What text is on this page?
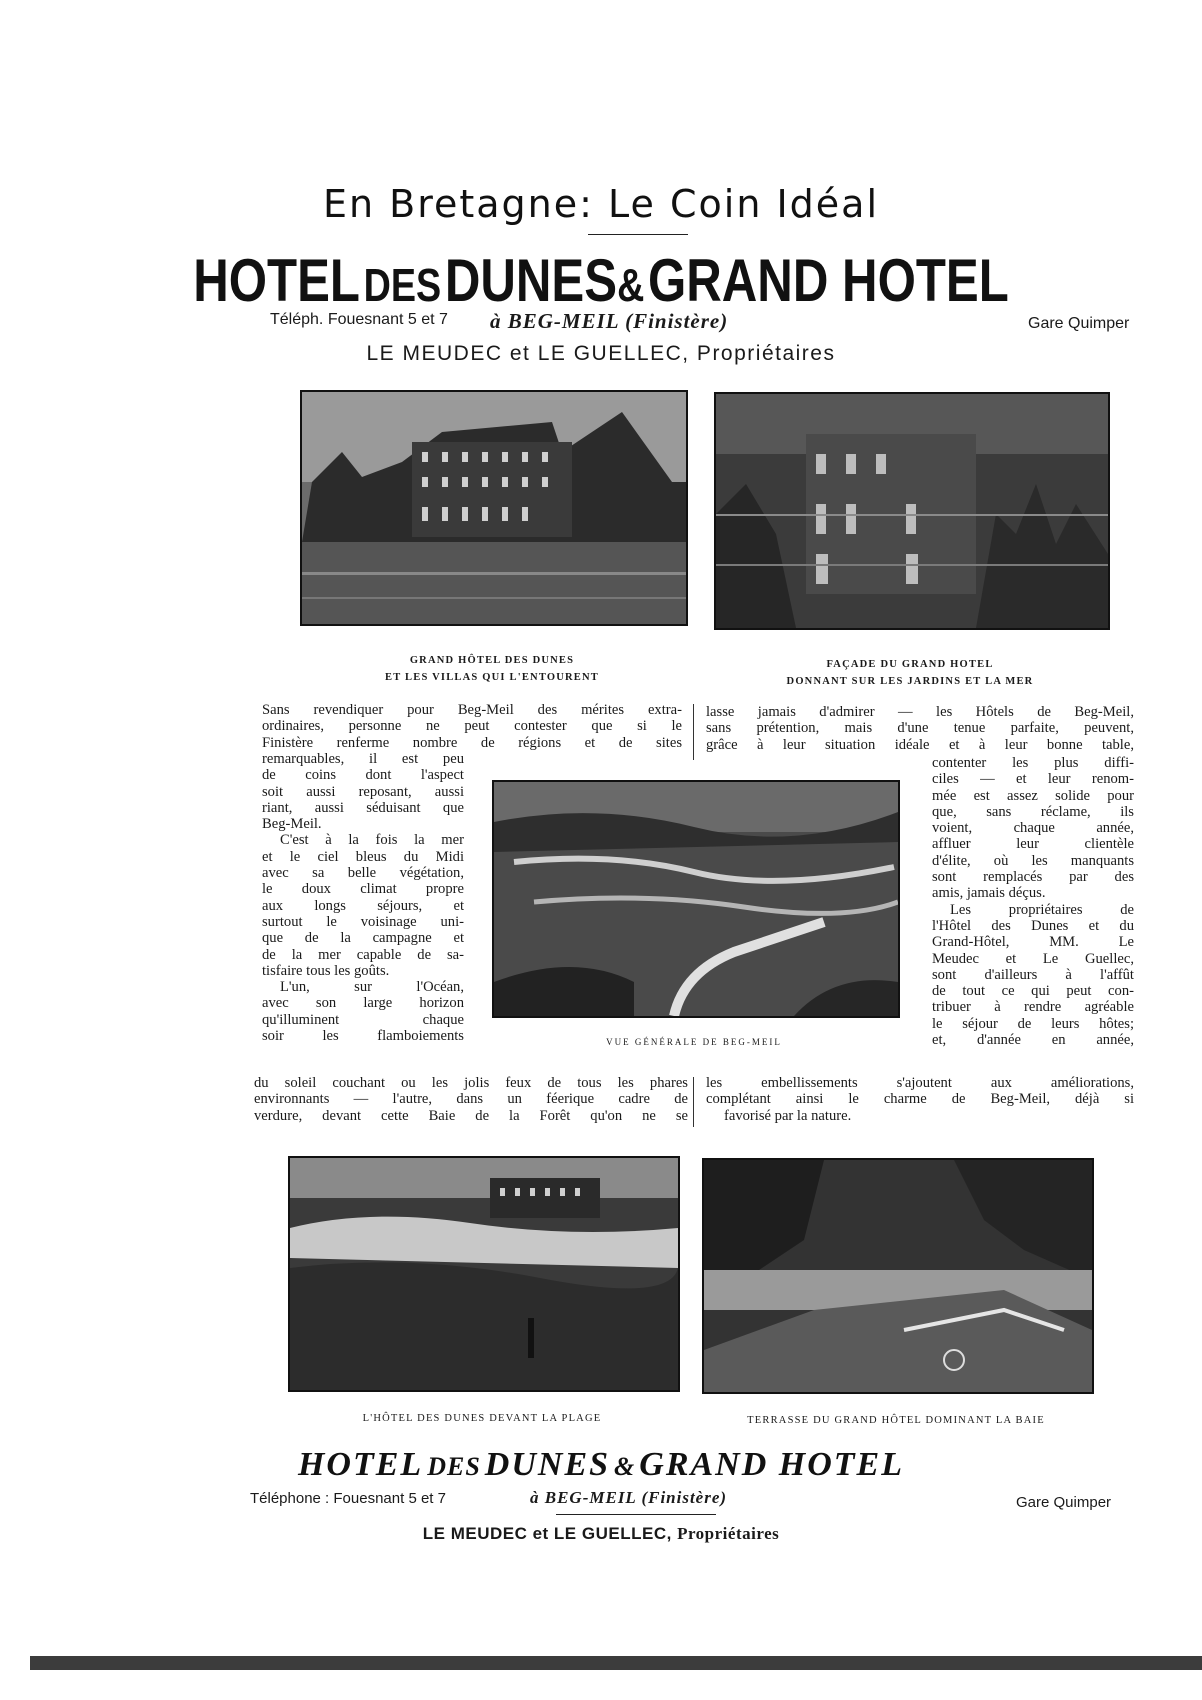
En Bretagne: Le Coin Idéal
HOTEL DES DUNES& GRAND HOTEL
Téléph. Fouesnant 5 et 7 à BEG-MEIL (Finistère)	Gare Quimper
LE MEUDEC et LE GUELLEC, Propriétaires
GRAND HÔTEL DES DUNES
ET LES VILLAS QUI L'ENTOURENT
FAÇADE DU GRAND HOTEL
DONNANT SUR LES JARDINS ET LA MER
Sans revendiquer pour Beg-Meil des mérites extra-
ordinaires, personne ne peut contester que si le
Finistère renferme nombre de régions et de sites
remarquables, il est peu
de coins dont l'aspect
soit aussi reposant, aussi
riant, aussi séduisant que
Beg-Meil.
C'est à la fois la mer
et le ciel bleus du Midi
avec sa belle végétation,
le doux climat propre
aux longs séjours, et
surtout le voisinage uni-
que de la campagne et
de la mer capable de sa-
tisfaire tous les goûts.
L'un, sur l'Océan,
avec son large horizon
qu'illuminent chaque
soir les flamboiements
du soleil couchant ou les jolis feux de tous les phares
environnants — l'autre, dans un féerique cadre de
verdure, devant cette Baie de la Forêt qu'on ne se
lasse jamais d'admirer — les Hôtels de Beg-Meil,
sans prétention, mais d'une tenue parfaite, peuvent,
grâce à leur situation idéale et à leur bonne table,
contenter les plus diffi-
ciles — et leur renom-
mée est assez solide pour
que, sans réclame, ils
voient, chaque année,
affluer leur clientèle
d'élite, où les manquants
sont remplacés par des
amis, jamais déçus.
Les propriétaires de
l'Hôtel des Dunes et du
Grand-Hôtel, MM. Le
Meudec et Le Guellec,
sont d'ailleurs à l'affût
de tout ce qui peut con-
tribuer à rendre agréable
le séjour de leurs hôtes;
et, d'année en année,
les embellissements s'ajoutent aux améliorations,
complétant ainsi le charme de Beg-Meil, déjà si
favorisé par la nature.
VUE GÉNÉRALE DE BEG-MEIL
L'HÔTEL DES DUNES DEVANT LA PLAGE	TERRASSE DU GRAND HÔTEL DOMINANT LA BAIE
HOTEL DES DUNES & GRAND HOTEL
Téléphone : Fouesnant 5 et 7	à BEG-MEIL (Finistère)	Gare Quimper
LE MEUDEC et LE GUELLEC, Propriétaires
